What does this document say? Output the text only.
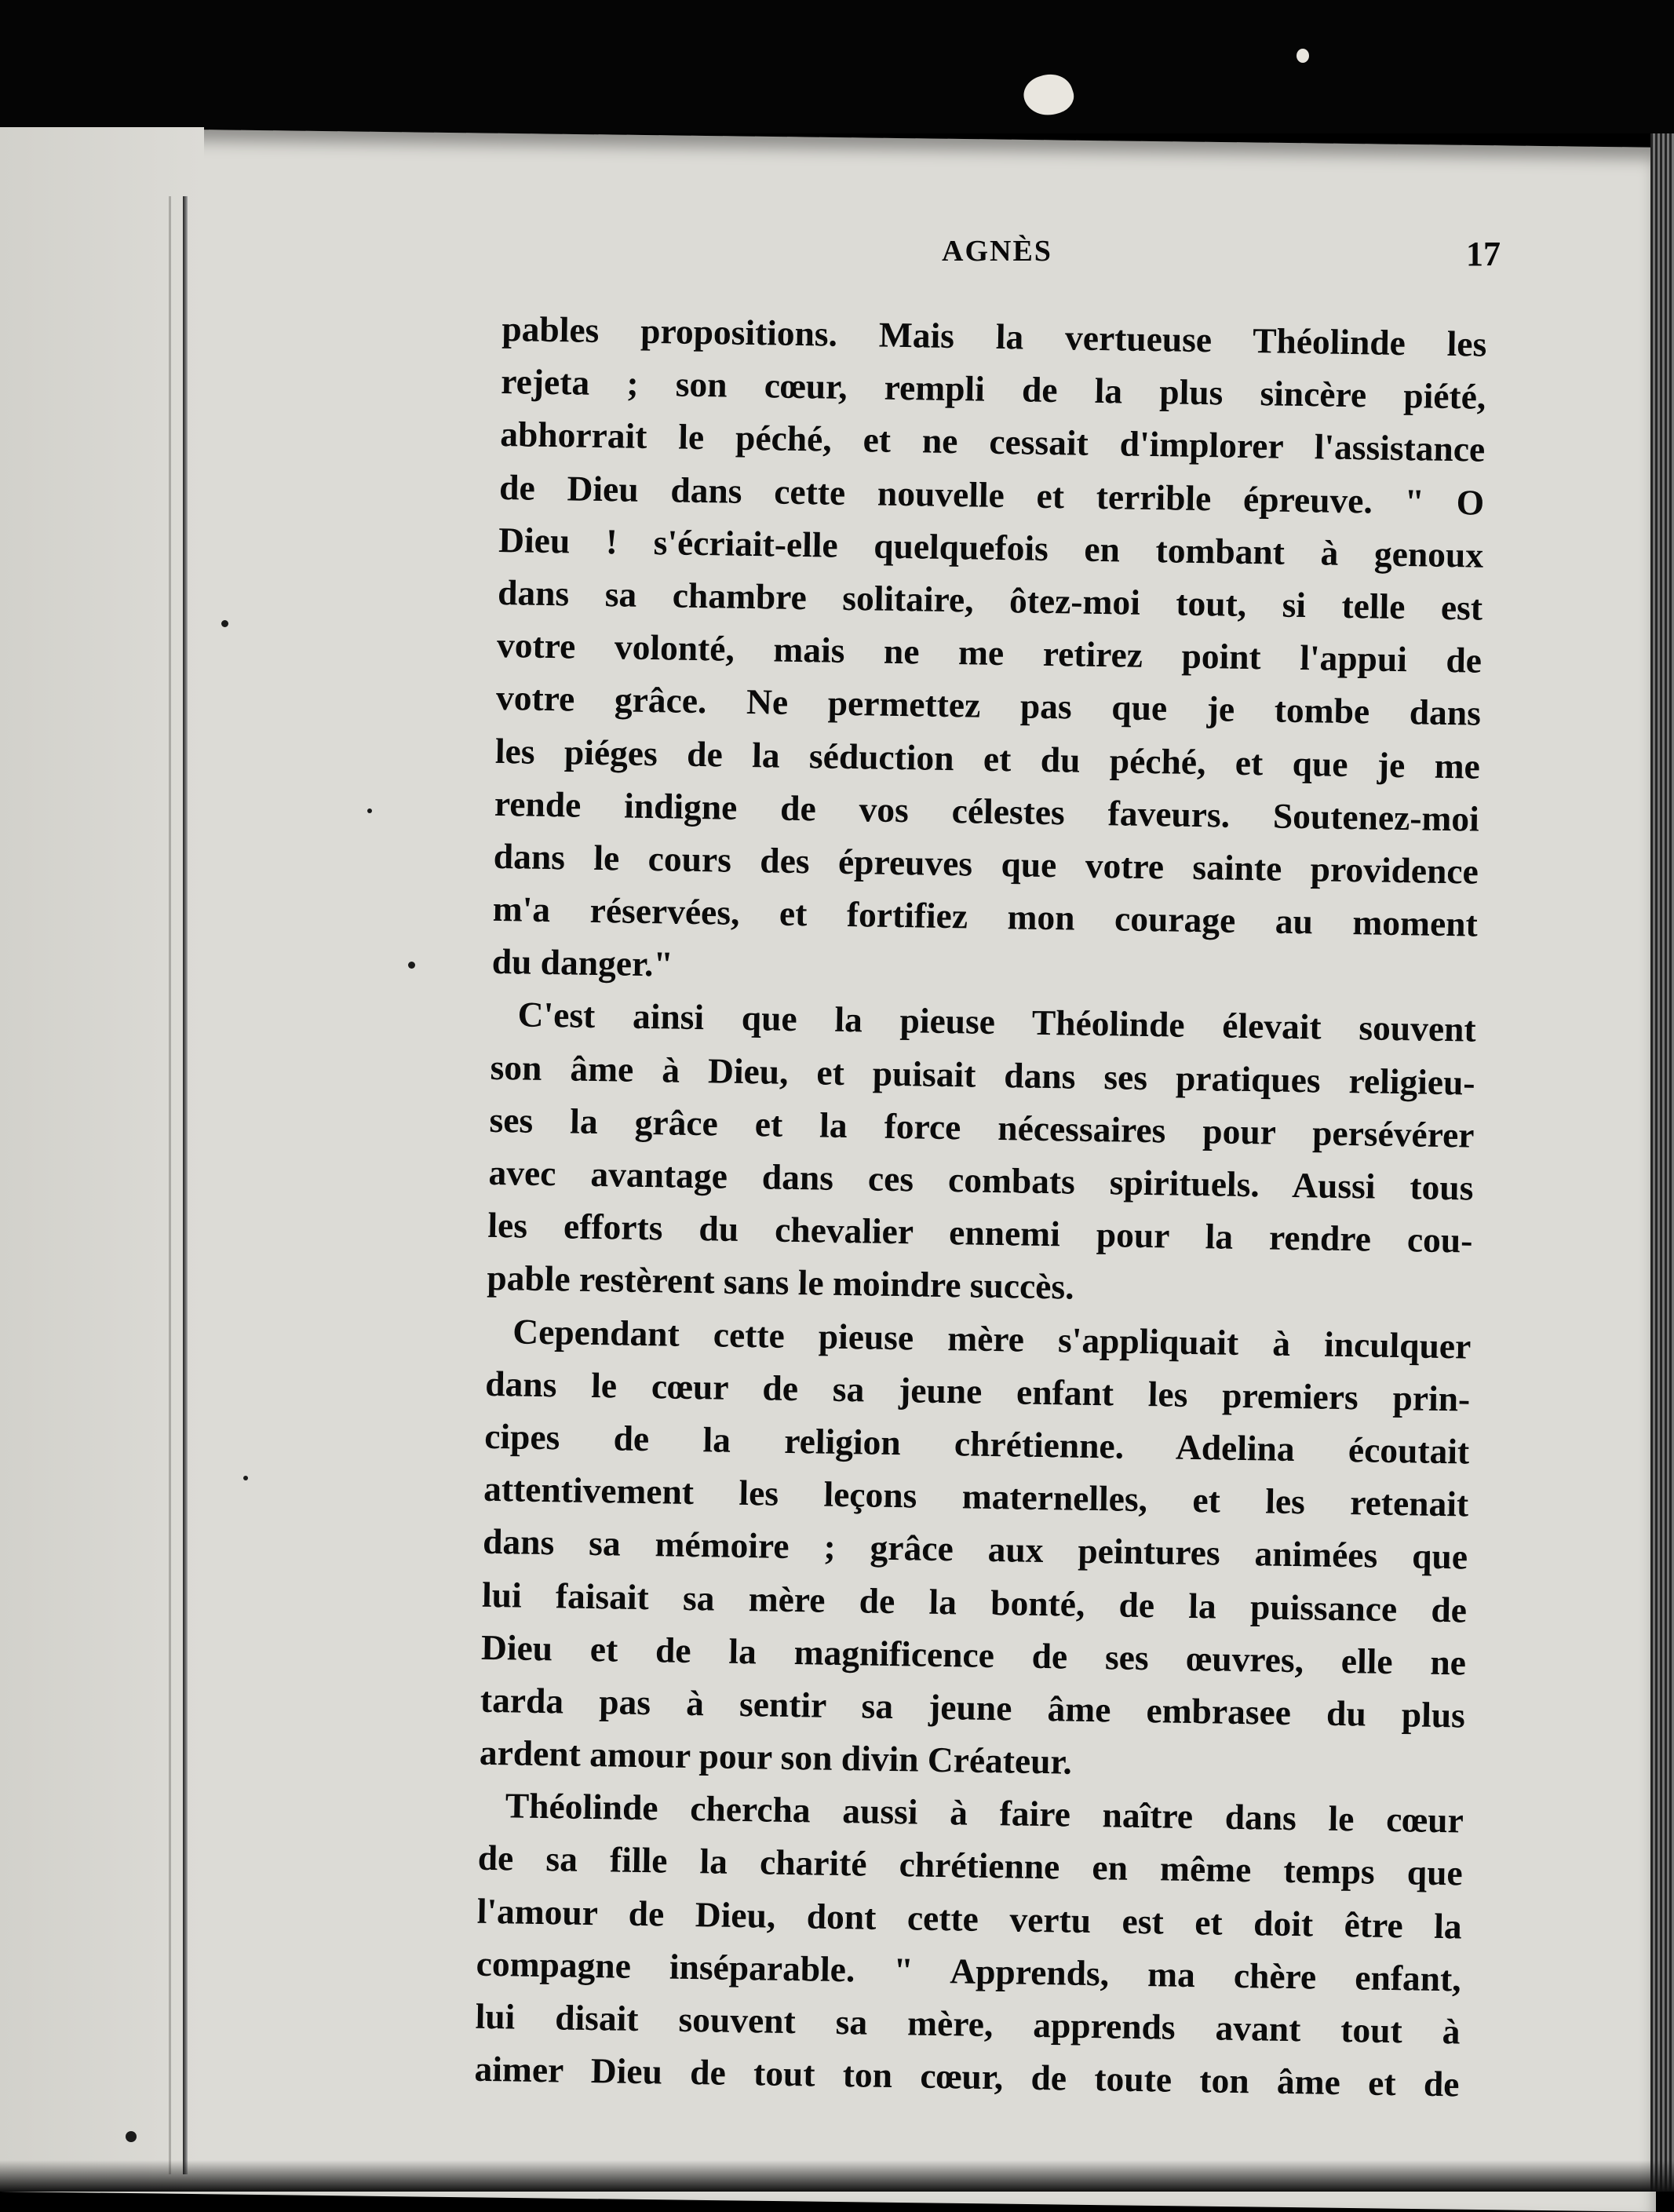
AGNÈS	17
pables propositions. Mais la vertueuse Théolinde les
rejeta ; son cœur, rempli de la plus sincère piété,
abhorrait le péché, et ne cessait d'implorer l'assistance
de Dieu dans cette nouvelle et terrible épreuve. " O
Dieu ! s'écriait-elle quelquefois en tombant à genoux
dans sa chambre solitaire, ôtez-moi tout, si telle est
votre volonté, mais ne me retirez point l'appui de
votre grâce. Ne permettez pas que je tombe dans
les piéges de la séduction et du péché, et que je me
rende indigne de vos célestes faveurs. Soutenez-moi
dans le cours des épreuves que votre sainte providence
m'a réservées, et fortifiez mon courage au moment
du danger."
C'est ainsi que la pieuse Théolinde élevait souvent
son âme à Dieu, et puisait dans ses pratiques religieu-
ses la grâce et la force nécessaires pour persévérer
avec avantage dans ces combats spirituels. Aussi tous
les efforts du chevalier ennemi pour la rendre cou-
pable restèrent sans le moindre succès.
Cependant cette pieuse mère s'appliquait à inculquer
dans le cœur de sa jeune enfant les premiers prin-
cipes de la religion chrétienne. Adelina écoutait
attentivement les leçons maternelles, et les retenait
dans sa mémoire ; grâce aux peintures animées que
lui faisait sa mère de la bonté, de la puissance de
Dieu et de la magnificence de ses œuvres, elle ne
tarda pas à sentir sa jeune âme embrasee du plus
ardent amour pour son divin Créateur.
Théolinde chercha aussi à faire naître dans le cœur
de sa fille la charité chrétienne en même temps que
l'amour de Dieu, dont cette vertu est et doit être la
compagne inséparable. " Apprends, ma chère enfant,
lui disait souvent sa mère, apprends avant tout à
aimer Dieu de tout ton cœur, de toute ton âme et de
